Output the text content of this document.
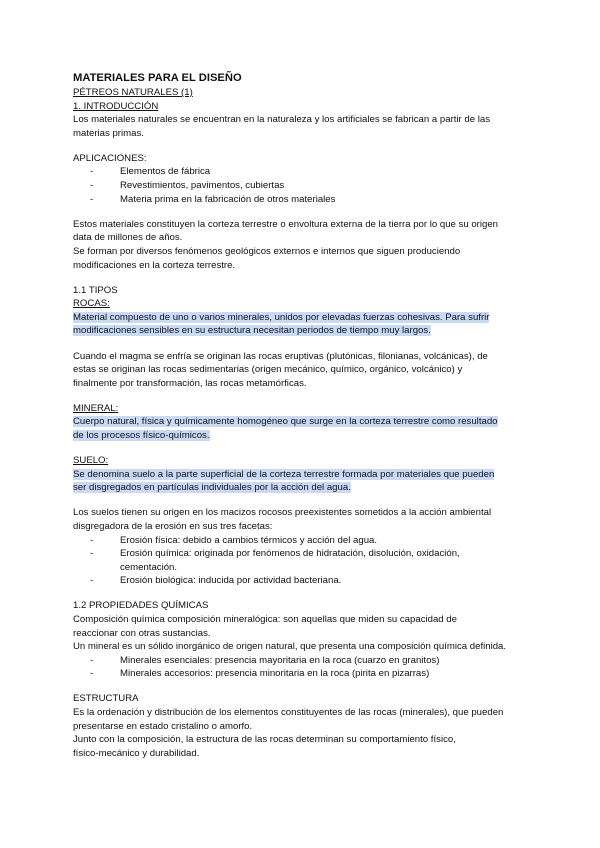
MATERIALES PARA EL DISEÑO
PÉTREOS NATURALES (1)
1. INTRODUCCIÓN
Los materiales naturales se encuentran en la naturaleza y los artificiales se fabrican a partir de las
materias primas.
APLICACIONES:
-	Elementos de fábrica
-	Revestimientos, pavimentos, cubiertas
-	Materia prima en la fabricación de otros materiales
Estos materiales constituyen la corteza terrestre o envoltura externa de la tierra por lo que su origen
data de millones de años.
Se forman por diversos fenómenos geológicos externos e internos que siguen produciendo
modificaciones en la corteza terrestre.
1.1 TIPOS
ROCAS:
Material compuesto de uno o varios minerales, unidos por elevadas fuerzas cohesivas. Para sufrir
modificaciones sensibles en su estructura necesitan periodos de tiempo muy largos.
Cuando el magma se enfría se originan las rocas eruptivas (plutónicas, filonianas, volcánicas), de
estas se originan las rocas sedimentarias (origen mecánico, químico, orgánico, volcánico) y
finalmente por transformación, las rocas metamórficas.
MINERAL:
Cuerpo natural, física y químicamente homogéneo que surge en la corteza terrestre como resultado
de los procesos físico-químicos.
SUELO:
Se denomina suelo a la parte superficial de la corteza terrestre formada por materiales que pueden
ser disgregados en partículas individuales por la acción del agua.
Los suelos tienen su origen en los macizos rocosos preexistentes sometidos a la acción ambiental
disgregadora de la erosión en sus tres facetas:
-	Erosión física: debido a cambios térmicos y acción del agua.
-	Erosión química: originada por fenómenos de hidratación, disolución, oxidación,
cementación.
-	Erosión biológica: inducida por actividad bacteriana.
1.2 PROPIEDADES QUÍMICAS
Composición química composición mineralógica: son aquellas que miden su capacidad de
reaccionar con otras sustancias.
Un mineral es un sólido inorgánico de origen natural, que presenta una composición química definida.
-	Minerales esenciales: presencia mayoritaria en la roca (cuarzo en granitos)
-	Minerales accesorios: presencia minoritaria en la roca (pirita en pizarras)
ESTRUCTURA
Es la ordenación y distribución de los elementos constituyentes de las rocas (minerales), que pueden
presentarse en estado cristalino o amorfo.
Junto con la composición, la estructura de las rocas determinan su comportamiento físico,
físico-mecánico y durabilidad.
